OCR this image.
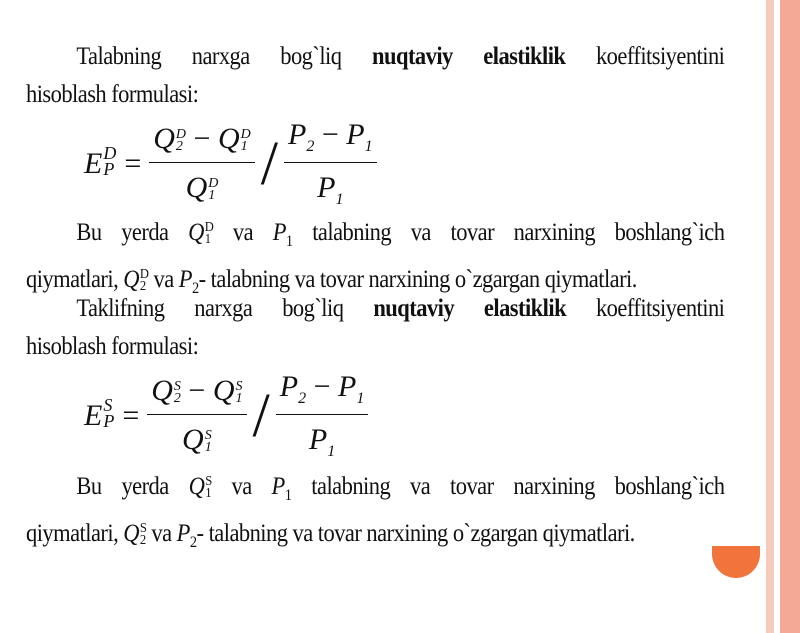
Talabning narxga bog`liq nuqtaviy elastiklik koeffitsiyentini
hisoblash formulasi:
E D
P = Q D
2 − Q D
1
Q D
$1 / \frac{P_2 - P_1}{P_1}$
Bu yerda Q D
1 va $P_1$ talabning va tovar narxining boshlang`ich
qiymatlari, Q D
2 va $P_2-$ talabning va tovar narxining o`zgargan qiymatlari.
Taklifning narxga bog`liq nuqtaviy elastiklik koeffitsiyentini
hisoblash formulasi:
E S
P = Q S
2 − Q S
1
Q S
$1 / \frac{P_2 - P_1}{P_1}$
Bu yerda Q S
1 va $P_1$ talabning va tovar narxining boshlang`ich
qiymatlari, Q S
2 va $P_2-$ talabning va tovar narxining o`zgargan qiymatlari.
